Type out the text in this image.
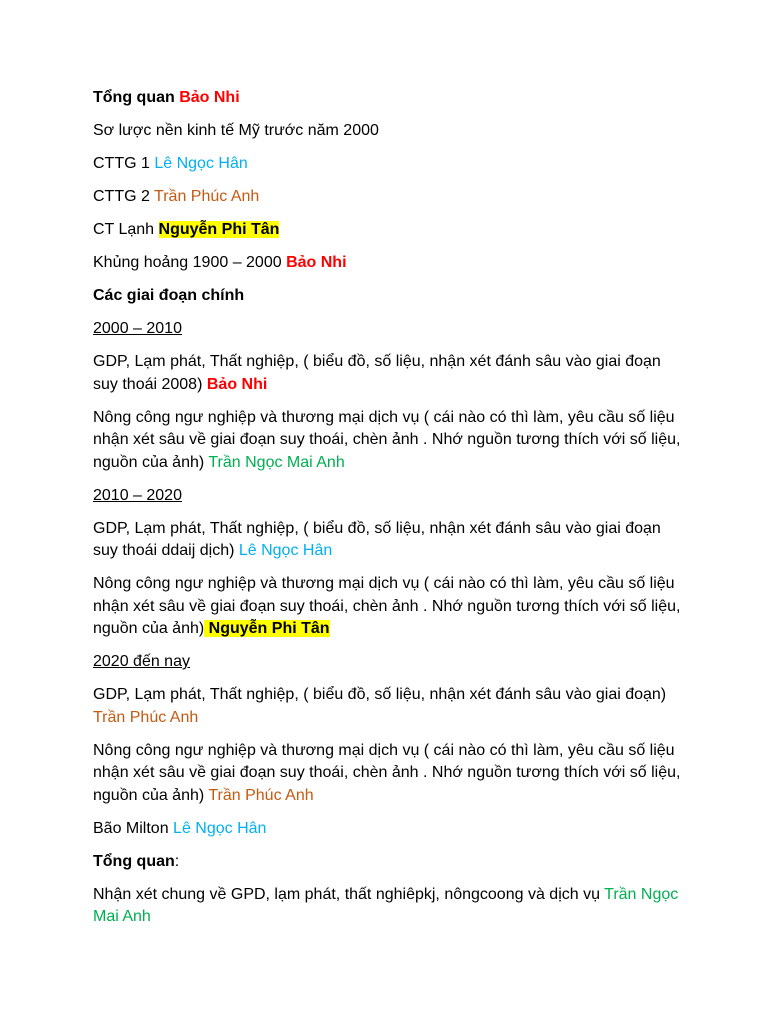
Tổng quan Bảo Nhi

Sơ lược nền kinh tế Mỹ trước năm 2000

CTTG 1 Lê Ngọc Hân

CTTG 2 Trần Phúc Anh

CT Lạnh Nguyễn Phi Tân

Khủng hoảng 1900 – 2000 Bảo Nhi

Các giai đoạn chính

2000 – 2010

GDP, Lạm phát, Thất nghiệp, ( biểu đồ, số liệu, nhận xét đánh sâu vào giai đoạn suy thoái 2008) Bảo Nhi

Nông công ngư nghiệp và thương mại dịch vụ ( cái nào có thì làm, yêu cầu số liệu nhận xét sâu về giai đoạn suy thoái, chèn ảnh . Nhớ nguồn tương thích với số liệu, nguồn của ảnh) Trần Ngọc Mai Anh

2010 – 2020

GDP, Lạm phát, Thất nghiệp, ( biểu đồ, số liệu, nhận xét đánh sâu vào giai đoạn suy thoái ddaij dịch) Lê Ngọc Hân

Nông công ngư nghiệp và thương mại dịch vụ ( cái nào có thì làm, yêu cầu số liệu nhận xét sâu về giai đoạn suy thoái, chèn ảnh . Nhớ nguồn tương thích với số liệu, nguồn của ảnh) Nguyễn Phi Tân

2020 đến nay

GDP, Lạm phát, Thất nghiệp, ( biểu đồ, số liệu, nhận xét đánh sâu vào giai đoạn) Trần Phúc Anh

Nông công ngư nghiệp và thương mại dịch vụ ( cái nào có thì làm, yêu cầu số liệu nhận xét sâu về giai đoạn suy thoái, chèn ảnh . Nhớ nguồn tương thích với số liệu, nguồn của ảnh) Trần Phúc Anh

Bão Milton Lê Ngọc Hân

Tổng quan:

Nhận xét chung về GPD, lạm phát, thất nghiêpkj, nôngcoong và dịch vụ Trần Ngọc Mai Anh
